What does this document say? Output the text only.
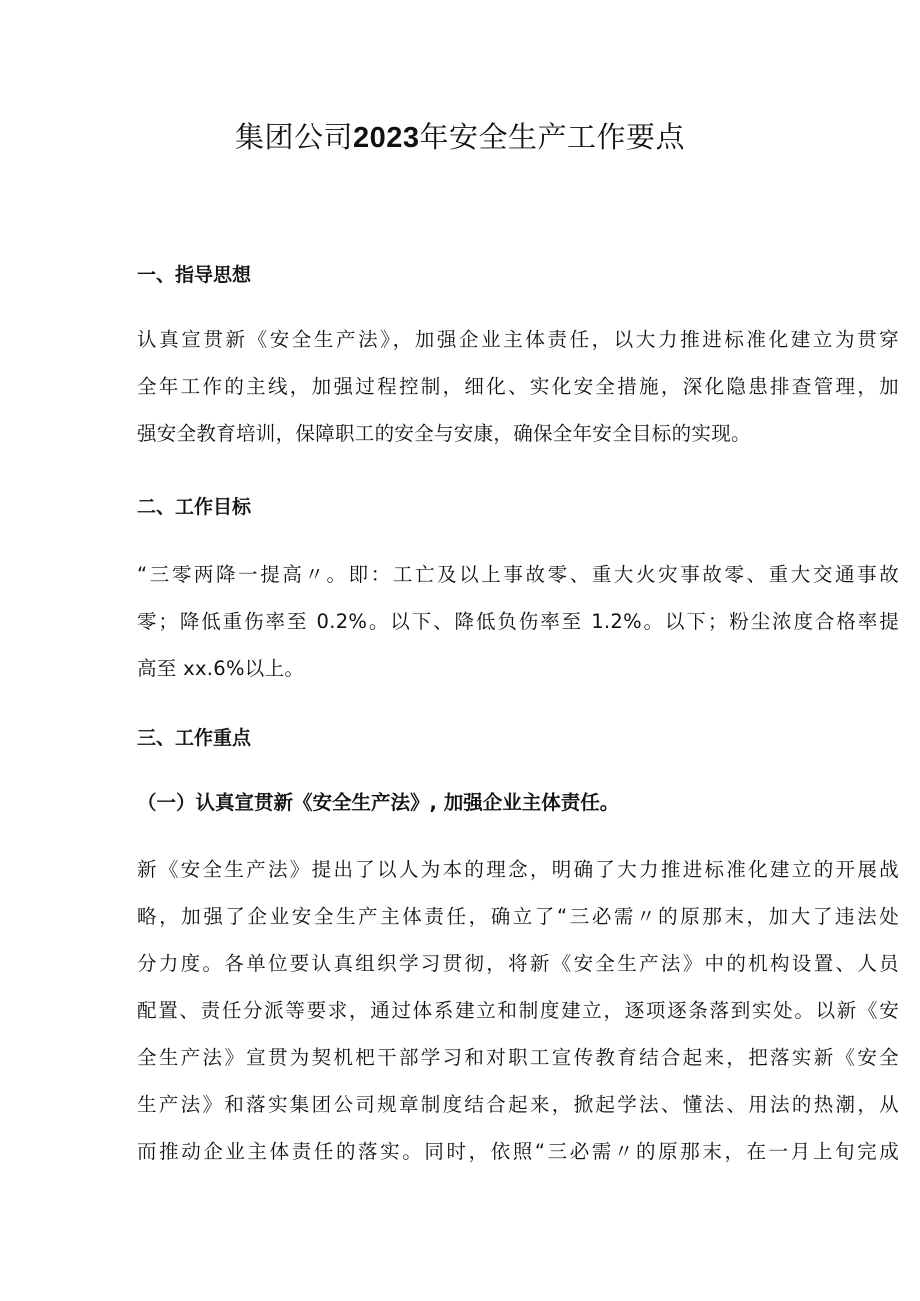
集团公司2023年安全生产工作要点
一、指导思想
认真宣贯新《安全生产法》，加强企业主体责任，以大力推进标准化建立为贯穿
全年工作的主线，加强过程控制，细化、实化安全措施，深化隐患排查管理，加
强安全教育培训，保障职工的安全与安康，确保全年安全目标的实现。
二、工作目标
“三零两降一提高〃。即：工亡及以上事故零、重大火灾事故零、重大交通事故
零；降低重伤率至 0.2%。以下、降低负伤率至 1.2%。以下；粉尘浓度合格率提
高至 xx.6%以上。
三、工作重点
（一）认真宣贯新《安全生产法》, 加强企业主体责任。
新《安全生产法》提出了以人为本的理念，明确了大力推进标准化建立的开展战
略，加强了企业安全生产主体责任，确立了“三必需〃的原那末，加大了违法处
分力度。各单位要认真组织学习贯彻，将新《安全生产法》中的机构设置、人员
配置、责任分派等要求，通过体系建立和制度建立，逐项逐条落到实处。以新《安
全生产法》宣贯为契机杷干部学习和对职工宣传教育结合起来，把落实新《安全
生产法》和落实集团公司规章制度结合起来，掀起学法、懂法、用法的热潮，从
而推动企业主体责任的落实。同时，依照“三必需〃的原那末，在一月上旬完成
